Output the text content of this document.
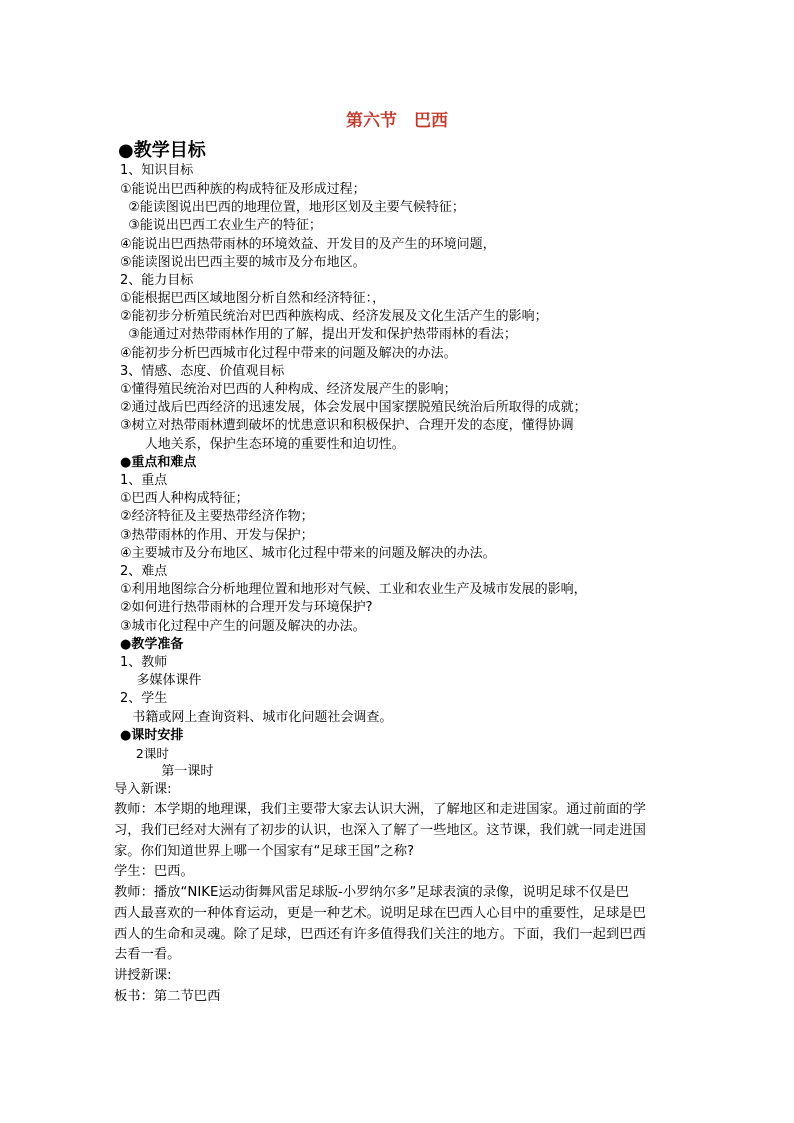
第六节　巴西
●教学目标
1、知识目标
①能说出巴西种族的构成特征及形成过程；
②能读图说出巴西的地理位置，地形区划及主要气候特征；
③能说出巴西工农业生产的特征；
④能说出巴西热带雨林的环境效益、开发目的及产生的环境问题，
⑤能读图说出巴西主要的城市及分布地区。
2、能力目标
①能根据巴西区域地图分析自然和经济特征：，
②能初步分析殖民统治对巴西种族构成、经济发展及文化生活产生的影响；
③能通过对热带雨林作用的了解，提出开发和保护热带雨林的看法；
④能初步分析巴西城市化过程中带来的问题及解决的办法。
3、情感、态度、价值观目标
①懂得殖民统治对巴西的人种构成、经济发展产生的影响；
②通过战后巴西经济的迅速发展，体会发展中国家摆脱殖民统治后所取得的成就；
③树立对热带雨林遭到破坏的忧患意识和积极保护、合理开发的态度，懂得协调
人地关系，保护生态环境的重要性和迫切性。
●重点和难点
1、重点
①巴西人种构成特征；
②经济特征及主要热带经济作物；
③热带雨林的作用、开发与保护；
④主要城市及分布地区、城市化过程中带来的问题及解决的办法。
2、难点
①利用地图综合分析地理位置和地形对气候、工业和农业生产及城市发展的影响，
②如何进行热带雨林的合理开发与环境保护?
③城市化过程中产生的问题及解决的办法。
●教学准备
1、教师
多媒体课件
2、学生
书籍或网上查询资料、城市化问题社会调查。
●课时安排
2课时
第一课时
导入新课:
教师：本学期的地理课，我们主要带大家去认识大洲，了解地区和走进国家。通过前面的学
习，我们已经对大洲有了初步的认识，也深入了解了一些地区。这节课，我们就一同走进国
家。你们知道世界上哪一个国家有“足球王国”之称?
学生：巴西。
教师：播放“NIKE运动街舞风雷足球版-小罗纳尔多”足球表演的录像，说明足球不仅是巴
西人最喜欢的一种体育运动，更是一种艺术。说明足球在巴西人心目中的重要性，足球是巴
西人的生命和灵魂。除了足球，巴西还有许多值得我们关注的地方。下面，我们一起到巴西
去看一看。
讲授新课:
板书：第二节巴西
